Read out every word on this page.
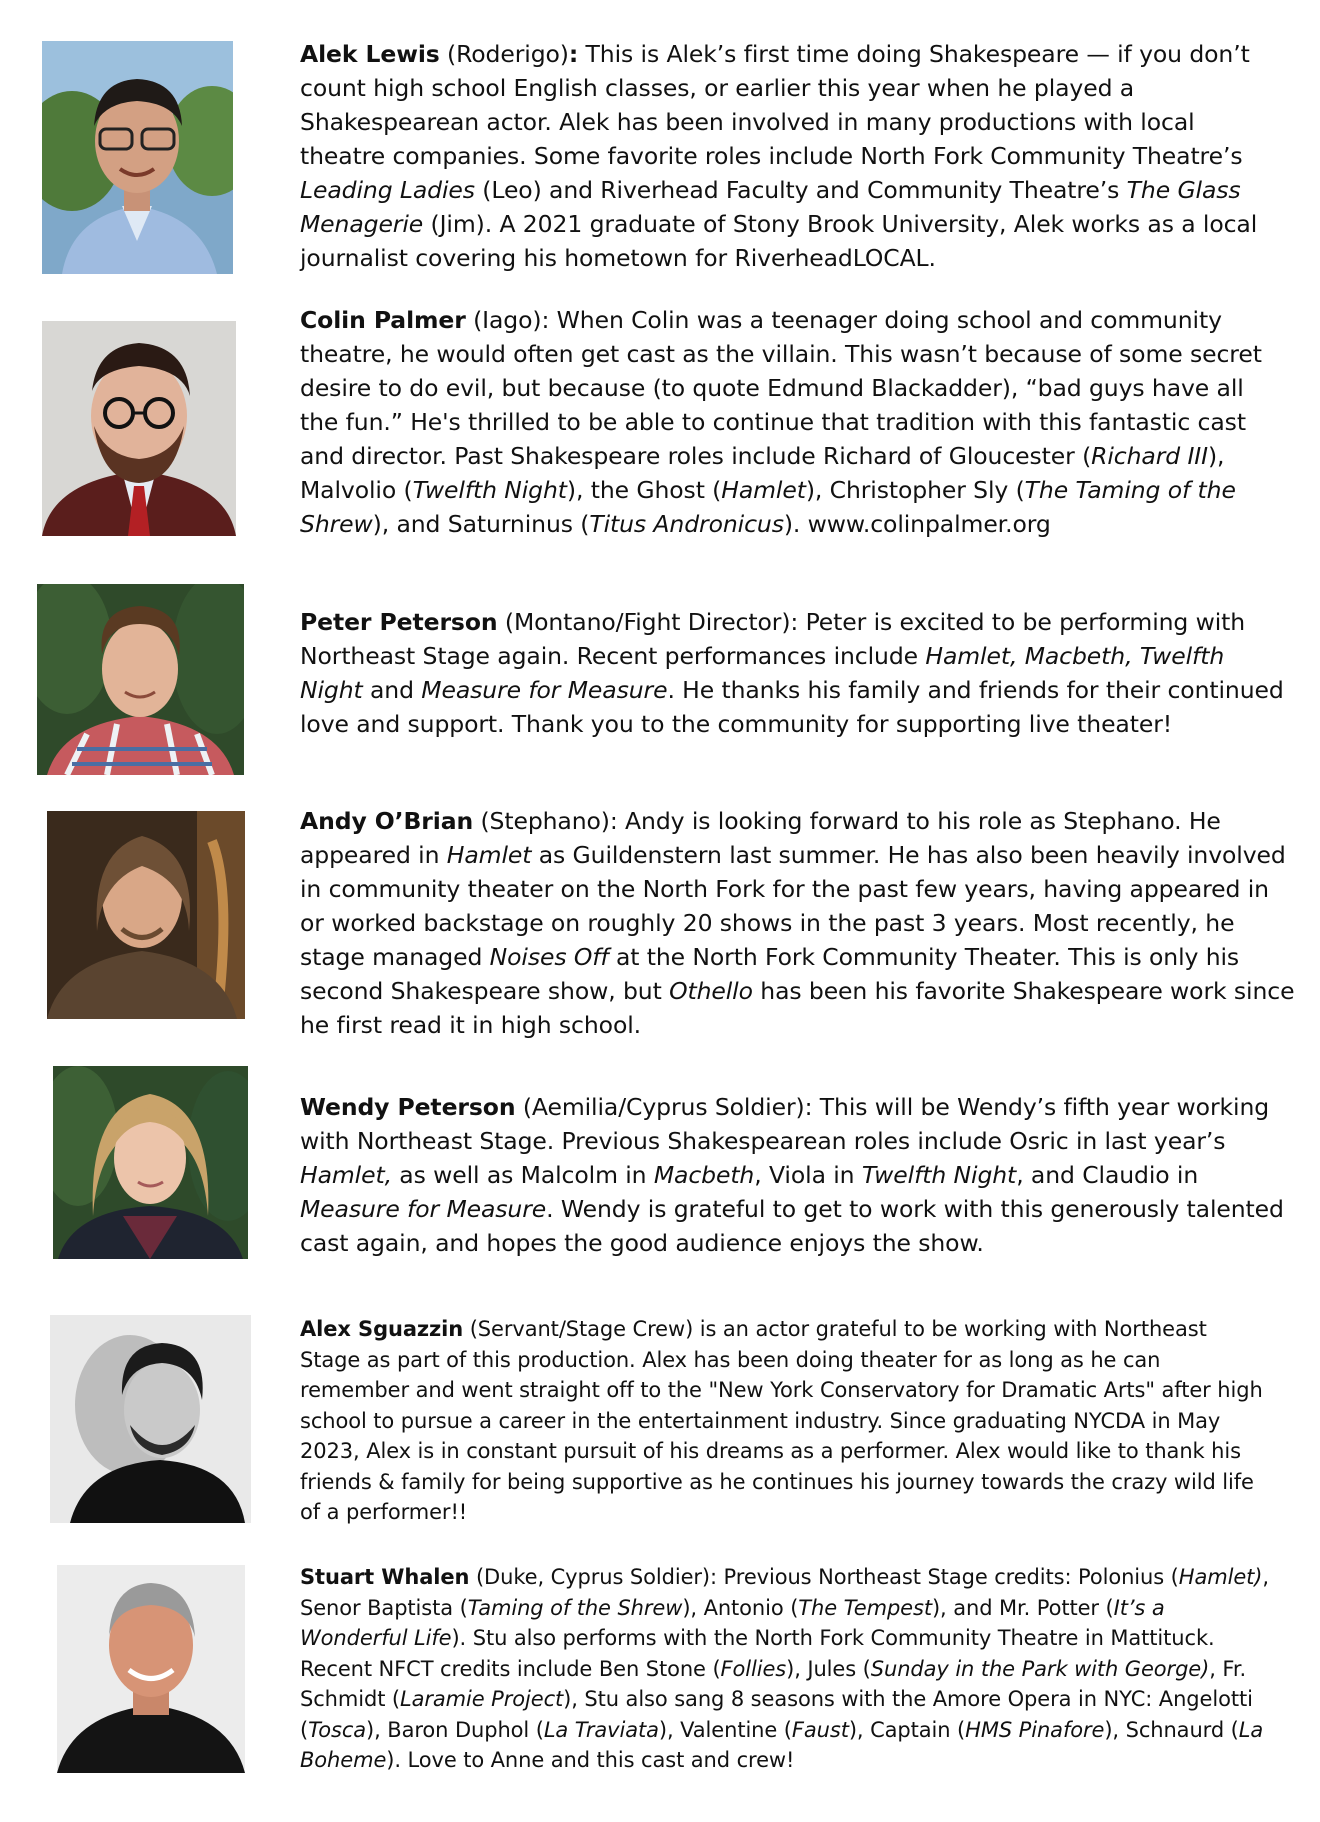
Alek Lewis (Roderigo): This is Alek’s first time doing Shakespeare — if you don’t count high school English classes, or earlier this year when he played a Shakespearean actor. Alek has been involved in many productions with local theatre companies. Some favorite roles include North Fork Community Theatre’s Leading Ladies (Leo) and Riverhead Faculty and Community Theatre’s The Glass Menagerie (Jim). A 2021 graduate of Stony Brook University, Alek works as a local journalist covering his hometown for RiverheadLOCAL.

Colin Palmer (Iago): When Colin was a teenager doing school and community theatre, he would often get cast as the villain. This wasn’t because of some secret desire to do evil, but because (to quote Edmund Blackadder), “bad guys have all the fun.” He's thrilled to be able to continue that tradition with this fantastic cast and director. Past Shakespeare roles include Richard of Gloucester (Richard III), Malvolio (Twelfth Night), the Ghost (Hamlet), Christopher Sly (The Taming of the Shrew), and Saturninus (Titus Andronicus). www.colinpalmer.org

Peter Peterson (Montano/Fight Director): Peter is excited to be performing with Northeast Stage again. Recent performances include Hamlet, Macbeth, Twelfth Night and Measure for Measure. He thanks his family and friends for their continued love and support. Thank you to the community for supporting live theater!

Andy O’Brian (Stephano): Andy is looking forward to his role as Stephano. He appeared in Hamlet as Guildenstern last summer. He has also been heavily involved in community theater on the North Fork for the past few years, having appeared in or worked backstage on roughly 20 shows in the past 3 years. Most recently, he stage managed Noises Off at the North Fork Community Theater. This is only his second Shakespeare show, but Othello has been his favorite Shakespeare work since he first read it in high school.

Wendy Peterson (Aemilia/Cyprus Soldier): This will be Wendy’s fifth year working with Northeast Stage. Previous Shakespearean roles include Osric in last year’s Hamlet, as well as Malcolm in Macbeth, Viola in Twelfth Night, and Claudio in Measure for Measure. Wendy is grateful to get to work with this generously talented cast again, and hopes the good audience enjoys the show.

Alex Sguazzin (Servant/Stage Crew) is an actor grateful to be working with Northeast Stage as part of this production. Alex has been doing theater for as long as he can remember and went straight off to the "New York Conservatory for Dramatic Arts" after high school to pursue a career in the entertainment industry. Since graduating NYCDA in May 2023, Alex is in constant pursuit of his dreams as a performer. Alex would like to thank his friends & family for being supportive as he continues his journey towards the crazy wild life of a performer!!

Stuart Whalen (Duke, Cyprus Soldier): Previous Northeast Stage credits: Polonius (Hamlet), Senor Baptista (Taming of the Shrew), Antonio (The Tempest), and Mr. Potter (It’s a Wonderful Life). Stu also performs with the North Fork Community Theatre in Mattituck. Recent NFCT credits include Ben Stone (Follies), Jules (Sunday in the Park with George), Fr. Schmidt (Laramie Project), Stu also sang 8 seasons with the Amore Opera in NYC: Angelotti (Tosca), Baron Duphol (La Traviata), Valentine (Faust), Captain (HMS Pinafore), Schnaurd (La Boheme). Love to Anne and this cast and crew!
